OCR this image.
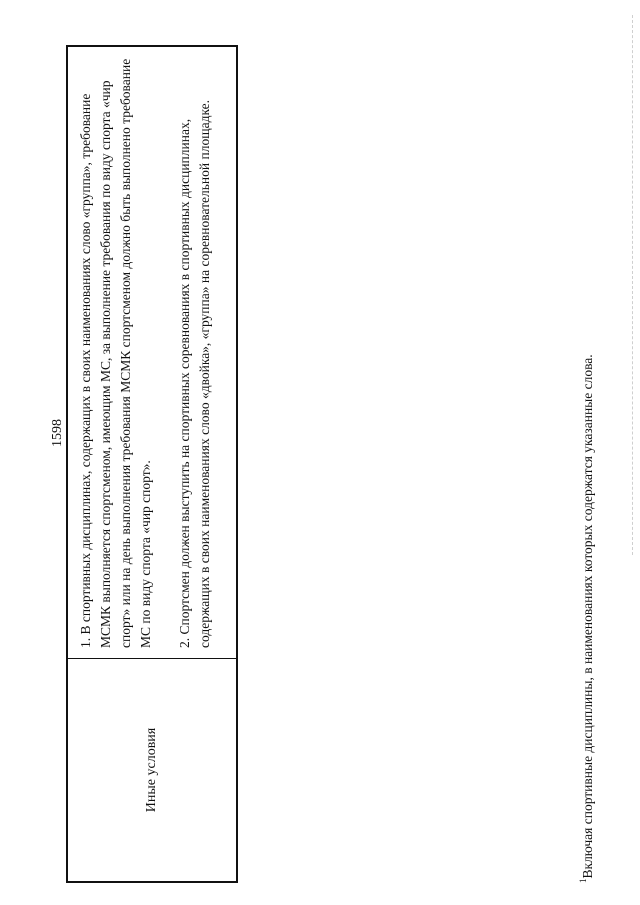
1598
Иные условия

1. В спортивных дисциплинах, содержащих в своих наименованиях слово «группа», требование МСМК выполняется спортсменом, имеющим МС, за выполнение требования по виду спорта «чир спорт» или на день выполнения требования МСМК спортсменом должно быть выполнено требование МС по виду спорта «чир спорт». 2. Спортсмен должен выступить на спортивных соревнованиях в спортивных дисциплинах, содержащих в своих наименованиях слово «двойка», «группа» на соревновательной площадке.

$^1$Включая спортивные дисциплины, в наименованиях которых содержатся указанные слова.
